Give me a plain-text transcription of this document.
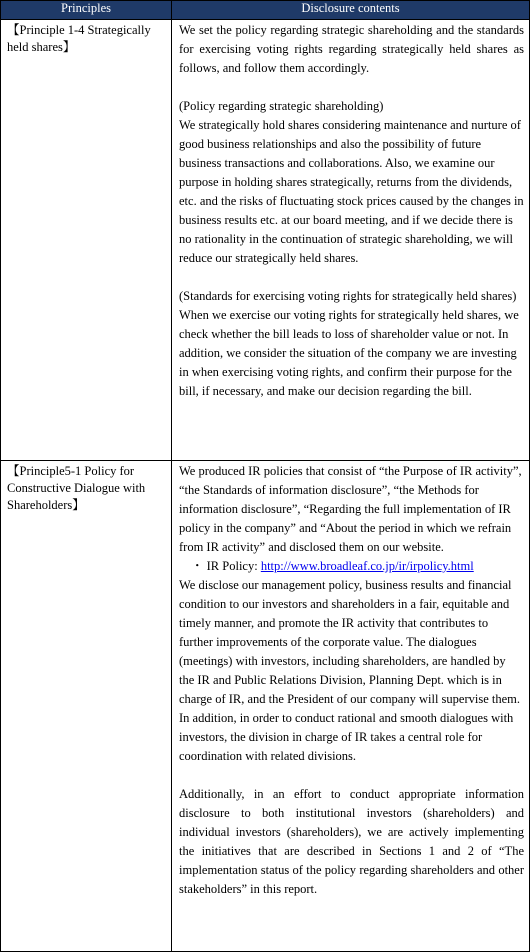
Principles	Disclosure contents
【Principle 1-4 Strategically held shares】	We set the policy regarding strategic shareholding and the standards for exercising voting rights regarding strategically held shares as follows, and follow them accordingly.
(Policy regarding strategic shareholding)
We strategically hold shares considering maintenance and nurture of good business relationships and also the possibility of future business transactions and collaborations. Also, we examine our purpose in holding shares strategically, returns from the dividends, etc. and the risks of fluctuating stock prices caused by the changes in business results etc. at our board meeting, and if we decide there is no rationality in the continuation of strategic shareholding, we will reduce our strategically held shares.
(Standards for exercising voting rights for strategically held shares)
When we exercise our voting rights for strategically held shares, we check whether the bill leads to loss of shareholder value or not. In addition, we consider the situation of the company we are investing in when exercising voting rights, and confirm their purpose for the bill, if necessary, and make our decision regarding the bill.

【Principle5-1 Policy for Constructive Dialogue with Shareholders】	We produced IR policies that consist of “the Purpose of IR activity”, “the Standards of information disclosure”, “the Methods for information disclosure”, “Regarding the full implementation of IR policy in the company” and “About the period in which we refrain from IR activity” and disclosed them on our website.
・ IR Policy: http://www.broadleaf.co.jp/ir/irpolicy.html
We disclose our management policy, business results and financial condition to our investors and shareholders in a fair, equitable and timely manner, and promote the IR activity that contributes to further improvements of the corporate value. The dialogues (meetings) with investors, including shareholders, are handled by the IR and Public Relations Division, Planning Dept. which is in charge of IR, and the President of our company will supervise them. In addition, in order to conduct rational and smooth dialogues with investors, the division in charge of IR takes a central role for coordination with related divisions.
Additionally, in an effort to conduct appropriate information disclosure to both institutional investors (shareholders) and individual investors (shareholders), we are actively implementing the initiatives that are described in Sections 1 and 2 of “The implementation status of the policy regarding shareholders and other stakeholders” in this report.
